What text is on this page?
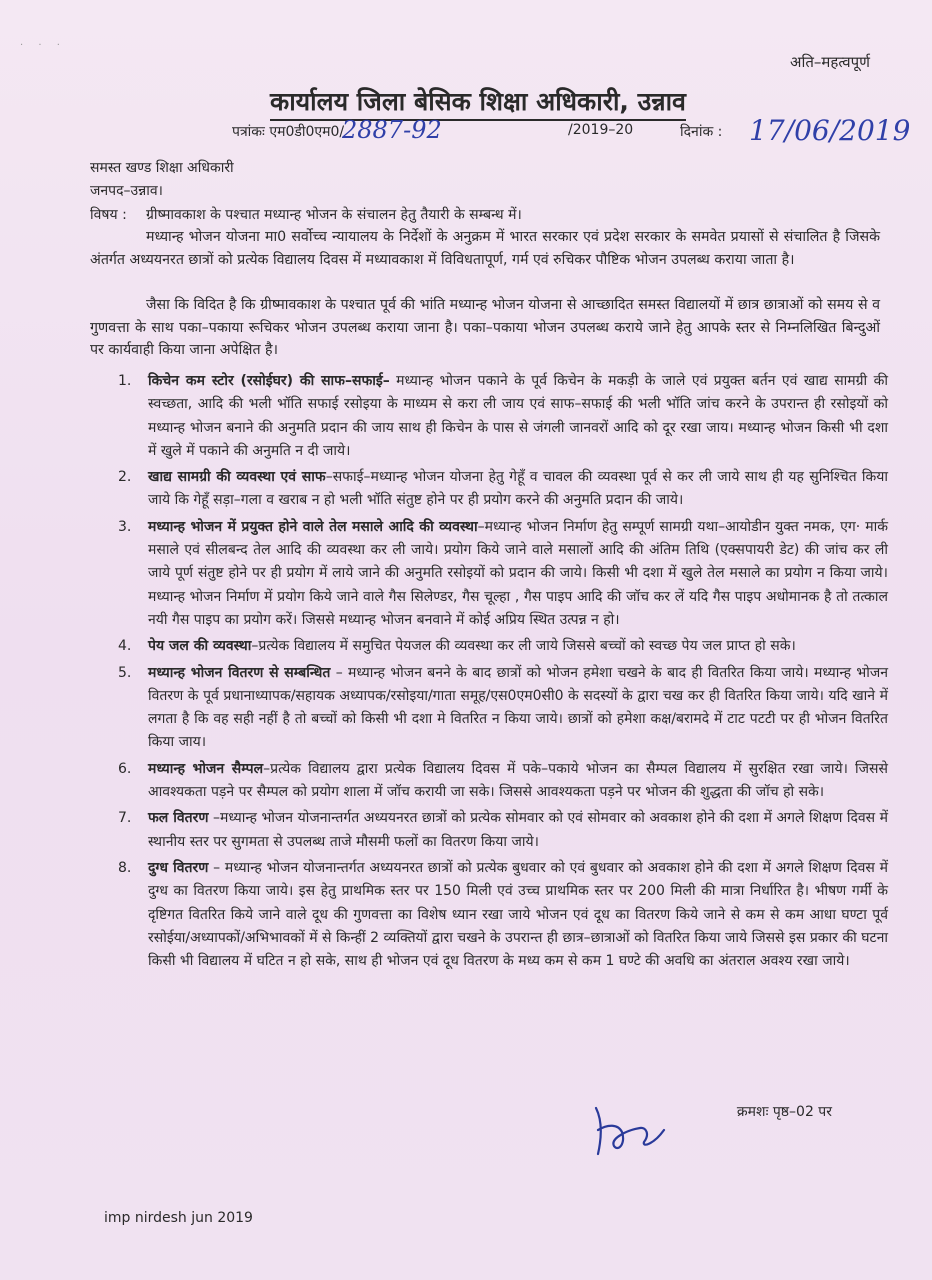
· · ·
अति–महत्वपूर्ण
कार्यालय जिला बेसिक शिक्षा अधिकारी, उन्नाव
पत्रांकः एम0डी0एम0/
2887-92	/2019–20	दिनांक : 17/06/2019
समस्त खण्ड शिक्षा अधिकारी
जनपद–उन्नाव।
विषय : ग्रीष्मावकाश के पश्चात मध्यान्ह भोजन के संचालन हेतु तैयारी के सम्बन्ध में।
मध्यान्ह भोजन योजना मा0 सर्वोच्च न्यायालय के निर्देशों के अनुक्रम में भारत सरकार एवं प्रदेश सरकार के समवेत प्रयासों से संचालित है जिसके अंतर्गत अध्ययनरत छात्रों को प्रत्येक विद्यालय दिवस में मध्यावकाश में विविधतापूर्ण, गर्म एवं रुचिकर पौष्टिक भोजन उपलब्ध कराया जाता है।
जैसा कि विदित है कि ग्रीष्मावकाश के पश्चात पूर्व की भांति मध्यान्ह भोजन योजना से आच्छादित समस्त विद्यालयों में छात्र छात्राओं को समय से व गुणवत्ता के साथ पका–पकाया रूचिकर भोजन उपलब्ध कराया जाना है। पका–पकाया भोजन उपलब्ध कराये जाने हेतु आपके स्तर से निम्नलिखित बिन्दुओं पर कार्यवाही किया जाना अपेक्षित है।
1. किचेन कम स्टोर (रसोईघर) की साफ–सफाई– मध्यान्ह भोजन पकाने के पूर्व किचेन के मकड़ी के जाले एवं प्रयुक्त बर्तन एवं खाद्य सामग्री की स्वच्छता, आदि की भली भॉति सफाई रसोइया के माध्यम से करा ली जाय एवं साफ–सफाई की भली भॉति जांच करने के उपरान्त ही रसोइयों को मध्यान्ह भोजन बनाने की अनुमति प्रदान की जाय साथ ही किचेन के पास से जंगली जानवरों आदि को दूर रखा जाय। मध्यान्ह भोजन किसी भी दशा में खुले में पकाने की अनुमति न दी जाये।
2. खाद्य सामग्री की व्यवस्था एवं साफ–सफाई–मध्यान्ह भोजन योजना हेतु गेहूँ व चावल की व्यवस्था पूर्व से कर ली जाये साथ ही यह सुनिश्चित किया जाये कि गेहूँ सड़ा–गला व खराब न हो भली भॉति संतुष्ट होने पर ही प्रयोग करने की अनुमति प्रदान की जाये।
3. मध्यान्ह भोजन में प्रयुक्त होने वाले तेल मसाले आदि की व्यवस्था–मध्यान्ह भोजन निर्माण हेतु सम्पूर्ण सामग्री यथा–आयोडीन युक्त नमक, एग· मार्क मसाले एवं सीलबन्द तेल आदि की व्यवस्था कर ली जाये। प्रयोग किये जाने वाले मसालों आदि की अंतिम तिथि (एक्सपायरी डेट) की जांच कर ली जाये पूर्ण संतुष्ट होने पर ही प्रयोग में लाये जाने की अनुमति रसोइयों को प्रदान की जाये। किसी भी दशा में खुले तेल मसाले का प्रयोग न किया जाये। मध्यान्ह भोजन निर्माण में प्रयोग किये जाने वाले गैस सिलेण्डर, गैस चूल्हा , गैस पाइप आदि की जॉच कर लें यदि गैस पाइप अधोमानक है तो तत्काल नयी गैस पाइप का प्रयोग करें। जिससे मध्यान्ह भोजन बनवाने में कोई अप्रिय स्थित उत्पन्न न हो।
4. पेय जल की व्यवस्था–प्रत्येक विद्यालय में समुचित पेयजल की व्यवस्था कर ली जाये जिससे बच्चों को स्वच्छ पेय जल प्राप्त हो सके।
5. मध्यान्ह भोजन वितरण से सम्बन्धित – मध्यान्ह भोजन बनने के बाद छात्रों को भोजन हमेशा चखने के बाद ही वितरित किया जाये। मध्यान्ह भोजन वितरण के पूर्व प्रधानाध्यापक/सहायक अध्यापक/रसोइया/गाता समूह/एस0एम0सी0 के सदस्यों के द्वारा चख कर ही वितरित किया जाये। यदि खाने में लगता है कि वह सही नहीं है तो बच्चों को किसी भी दशा मे वितरित न किया जाये। छात्रों को हमेशा कक्ष/बरामदे में टाट पटटी पर ही भोजन वितरित किया जाय।
6. मध्यान्ह भोजन सैम्पल–प्रत्येक विद्यालय द्वारा प्रत्येक विद्यालय दिवस में पके–पकाये भोजन का सैम्पल विद्यालय में सुरक्षित रखा जाये। जिससे आवश्यकता पड़ने पर सैम्पल को प्रयोग शाला में जॉच करायी जा सके। जिससे आवश्यकता पड़ने पर भोजन की शुद्धता की जॉच हो सके।
7. फल वितरण –मध्यान्ह भोजन योजनान्तर्गत अध्ययनरत छात्रों को प्रत्येक सोमवार को एवं सोमवार को अवकाश होने की दशा में अगले शिक्षण दिवस में स्थानीय स्तर पर सुगमता से उपलब्ध ताजे मौसमी फलों का वितरण किया जाये।
8. दुग्ध वितरण – मध्यान्ह भोजन योजनान्तर्गत अध्ययनरत छात्रों को प्रत्येक बुधवार को एवं बुधवार को अवकाश होने की दशा में अगले शिक्षण दिवस में दुग्ध का वितरण किया जाये। इस हेतु प्राथमिक स्तर पर 150 मिली एवं उच्च प्राथमिक स्तर पर 200 मिली की मात्रा निर्धारित है। भीषण गर्मी के दृष्टिगत वितरित किये जाने वाले दूध की गुणवत्ता का विशेष ध्यान रखा जाये भोजन एवं दूध का वितरण किये जाने से कम से कम आधा घण्टा पूर्व रसोईया/अध्यापकों/अभिभावकों में से किन्हीं 2 व्यक्तियों द्वारा चखने के उपरान्त ही छात्र–छात्राओं को वितरित किया जाये जिससे इस प्रकार की घटना किसी भी विद्यालय में घटित न हो सके, साथ ही भोजन एवं दूध वितरण के मध्य कम से कम 1 घण्टे की अवधि का अंतराल अवश्य रखा जाये।
क्रमशः पृष्ठ–02 पर
imp nirdesh jun 2019
